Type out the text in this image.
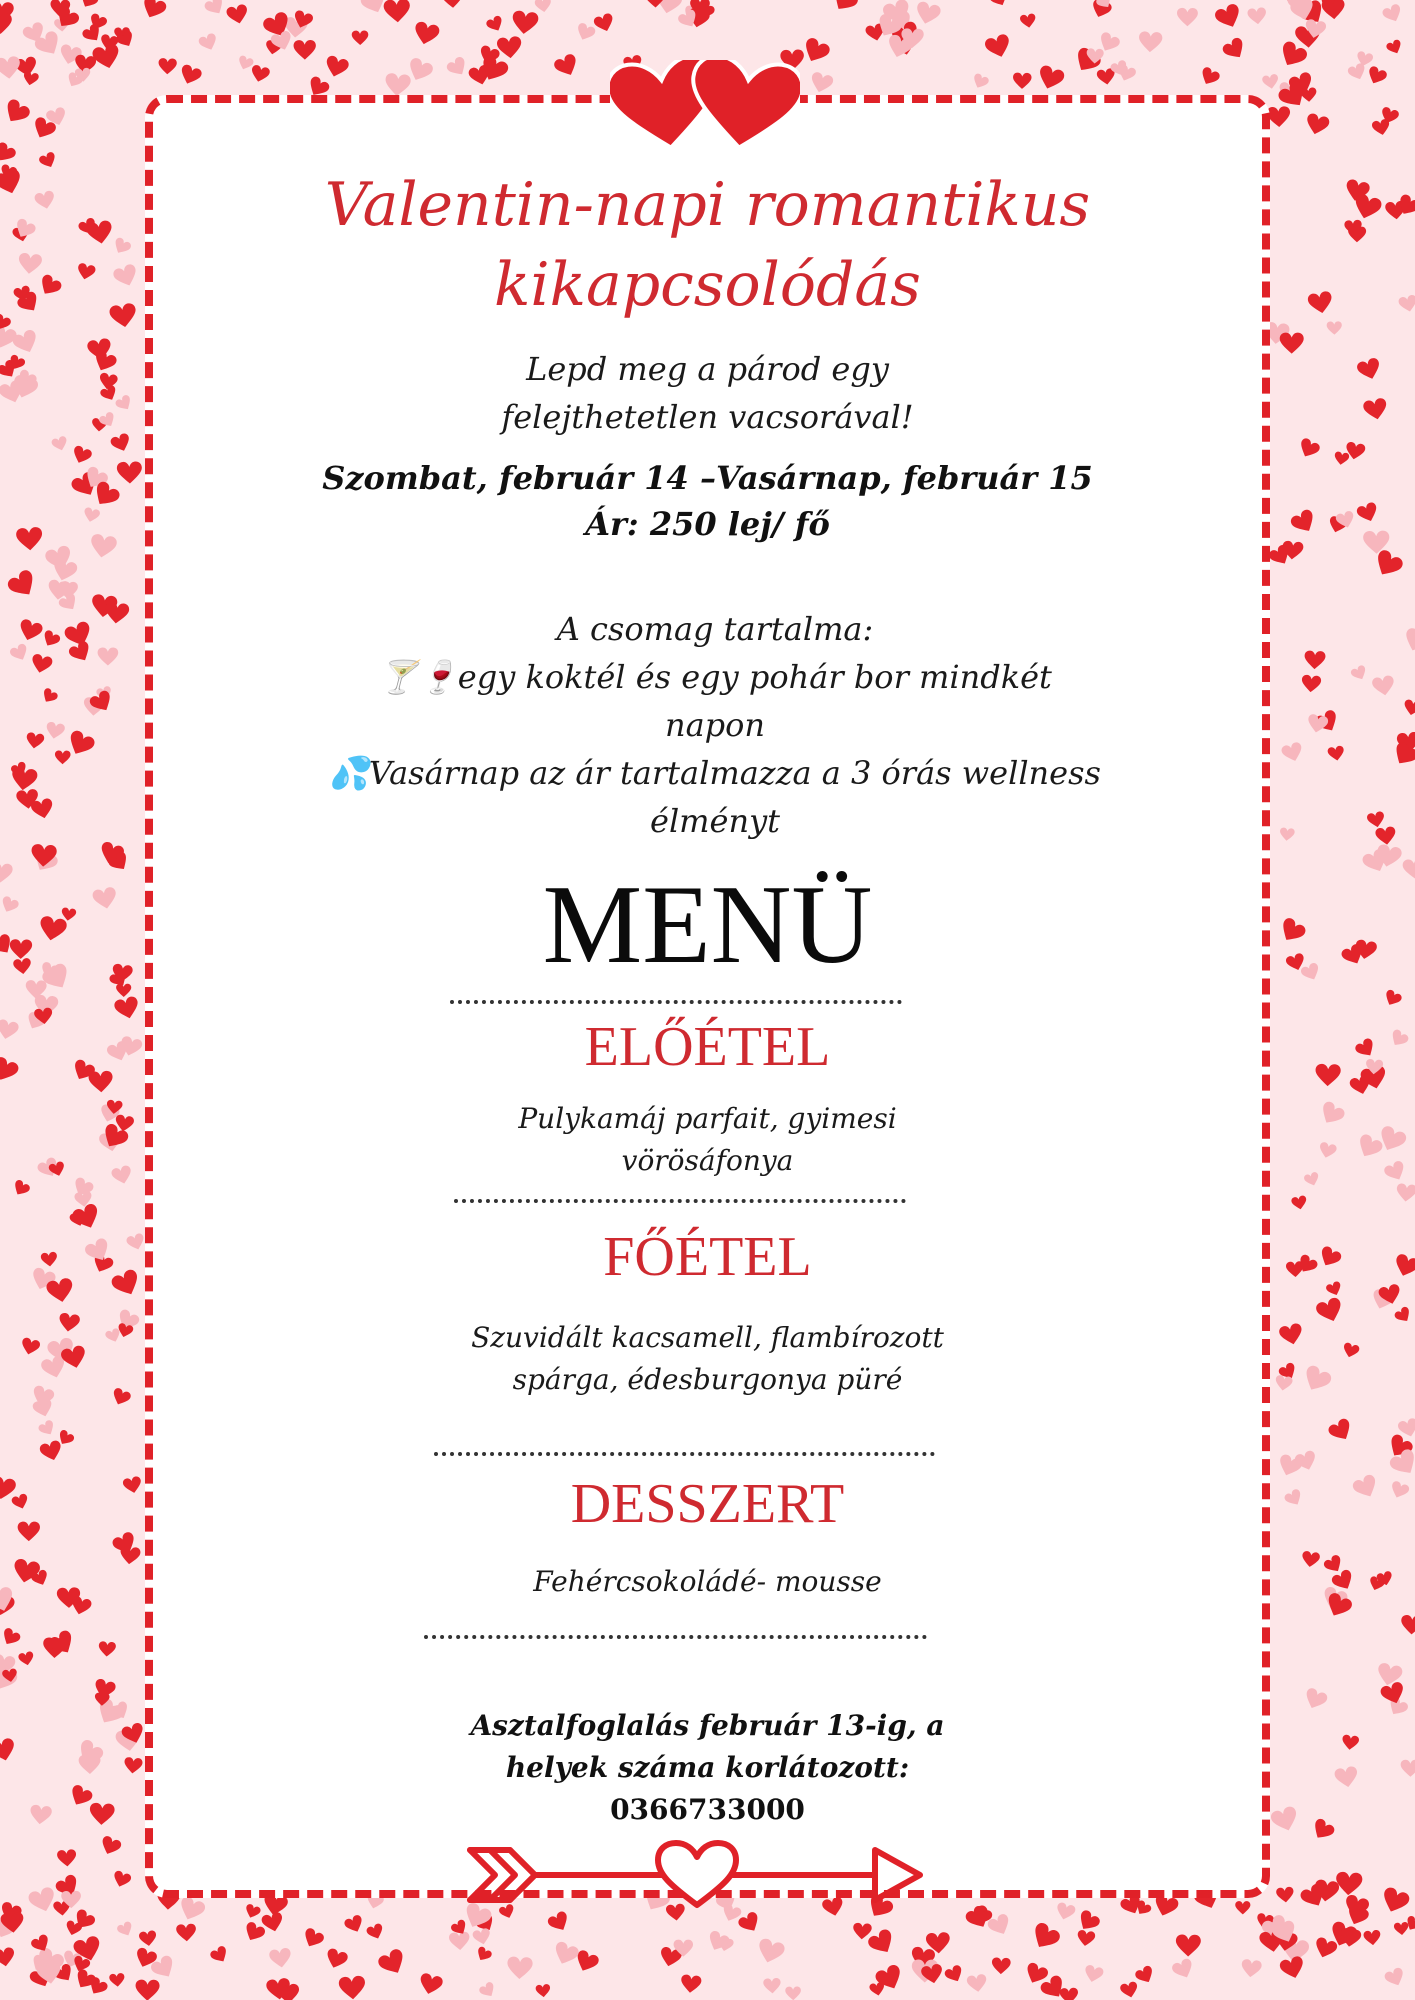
Valentin-napi romantikus
kikapcsolódás
Lepd meg a párod egy
felejthetetlen vacsorával!
Szombat, február 14 –Vasárnap, február 15
Ár: 250 lej/ fő
A csomag tartalma:
🍸🍷egy koktél és egy pohár bor mindkét napon
💦Vasárnap az ár tartalmazza a 3 órás wellness élményt
MENÜ
ELŐÉTEL
Pulykamáj parfait, gyimesi
vörösáfonya
FŐÉTEL
Szuvidált kacsamell, flambírozott
spárga, édesburgonya püré
DESSZERT
Fehércsokoládé- mousse
Asztalfoglalás február 13-ig, a
helyek száma korlátozott:
0366733000
